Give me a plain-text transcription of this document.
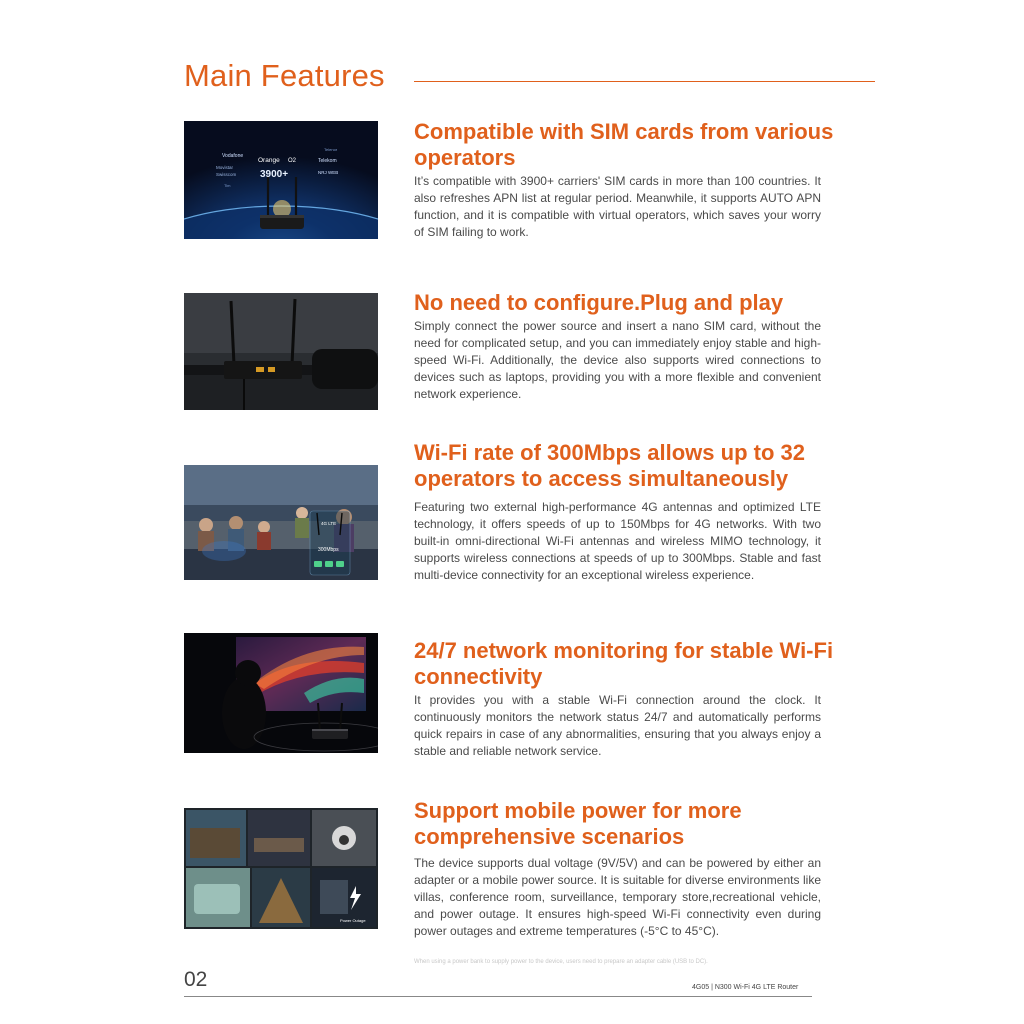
Main Features
Vodafone
Orange O2	Telekom
Movistar
Swisscom	NRJ WEB
3900+
Tim
Telenor
Compatible with SIM cards from various operators

It’s compatible with 3900+ carriers' SIM cards in more than 100 countries. It also refreshes APN list at regular period. Meanwhile, it supports AUTO APN function, and it is compatible with virtual operators, which saves your worry of SIM failing to work.

No need to configure.Plug and play

Simply connect the power source and insert a nano SIM card, without the need for complicated setup, and you can immediately enjoy stable and high-speed Wi-Fi. Additionally, the device also supports wired connections to devices such as laptops, providing you with a more flexible and convenient network experience.

4G LTE
300Mbps
Wi-Fi rate of 300Mbps allows up to 32 operators to access simultaneously

Featuring two external high-performance 4G antennas and optimized LTE technology, it offers speeds of up to 150Mbps for 4G networks. With two built-in omni-directional Wi-Fi antennas and wireless MIMO technology, it supports wireless connections at speeds of up to 300Mbps. Stable and fast multi-device connectivity for an exceptional wireless experience.

24/7 network monitoring for stable Wi-Fi connectivity

It provides you with a stable Wi-Fi connection around the clock. It continuously monitors the network status 24/7 and automatically performs quick repairs in case of any abnormalities, ensuring that you always enjoy a stable and reliable network service.

Power Outage
Support mobile power for more comprehensive scenarios

The device supports dual voltage (9V/5V) and can be powered by either an adapter or a mobile power source. It is suitable for diverse environments like villas, conference room, surveillance, temporary store,recreational vehicle, and power outage. It ensures high-speed Wi-Fi connectivity even during power outages and extreme temperatures (-5°C to 45°C).

When using a power bank to supply power to the device, users need to prepare an adapter cable (USB to DC).
02	4G05 | N300 Wi-Fi 4G LTE Router
